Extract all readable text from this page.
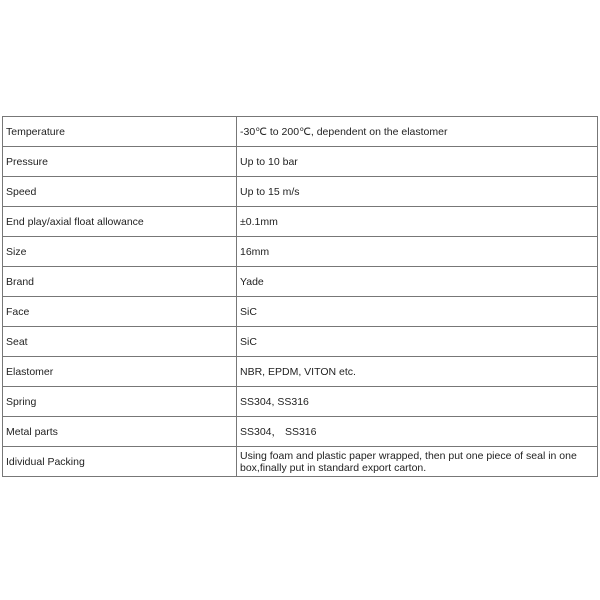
Temperature	-30℃ to 200℃, dependent on the elastomer
Pressure	Up to 10 bar
Speed	Up to 15 m/s
End play/axial float allowance	±0.1mm
Size	16mm
Brand	Yade
Face	SiC
Seat	SiC
Elastomer	NBR, EPDM, VITON etc.
Spring	SS304, SS316
Metal parts	SS304， SS316
Idividual Packing	Using foam and plastic paper wrapped, then put one piece of seal in one box,finally put in standard export carton.
